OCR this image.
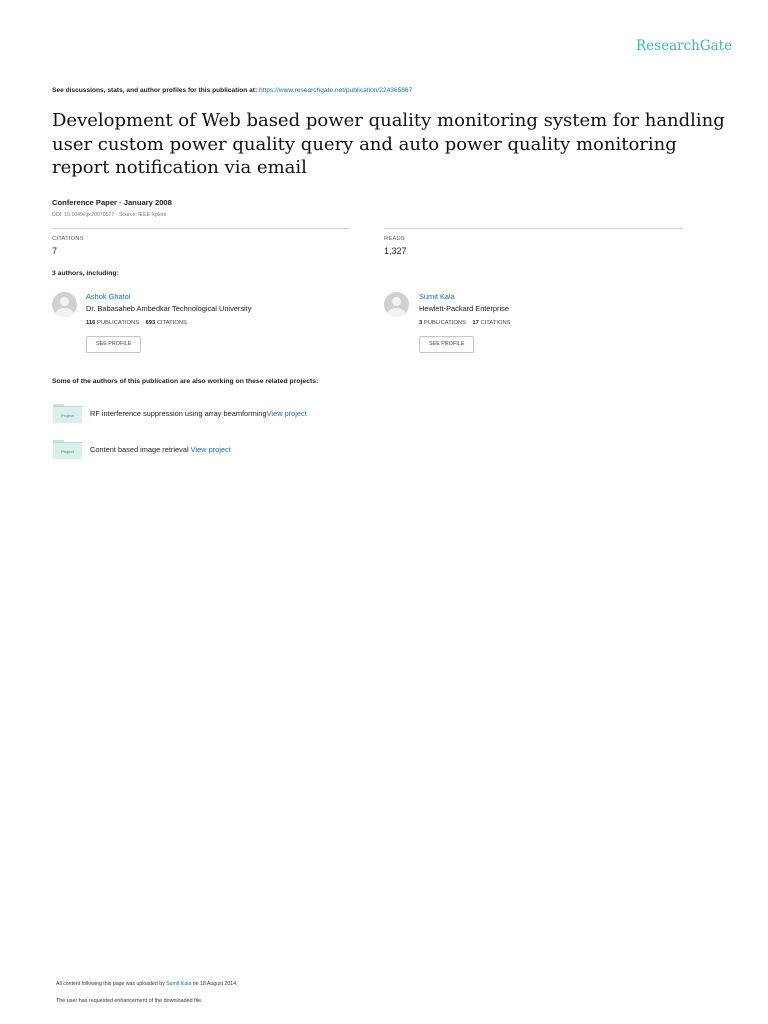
ResearchGate
See discussions, stats, and author profiles for this publication at: https://www.researchgate.net/publication/224365867
Development of Web based power quality monitoring system for handling user custom power quality query and auto power quality monitoring report notification via email
Conference Paper · January 2008
DOI: 10.1049/cp:20070577 · Source: IEEE Xplore
CITATIONS
7
READS
1,327
3 authors, including:
Ashok Ghatol
Dr. Babasaheb Ambedkar Technological University
116 PUBLICATIONS 693 CITATIONS
SEE PROFILE
Sumit Kala
Hewlett-Packard Enterprise
3 PUBLICATIONS 17 CITATIONS
SEE PROFILE
Some of the authors of this publication are also working on these related projects:
Project	RF interference suppression using array beamformingView project
Project	Content based image retrieval View project
All content following this page was uploaded by Sumit Kala on 18 August 2014.
The user has requested enhancement of the downloaded file.
